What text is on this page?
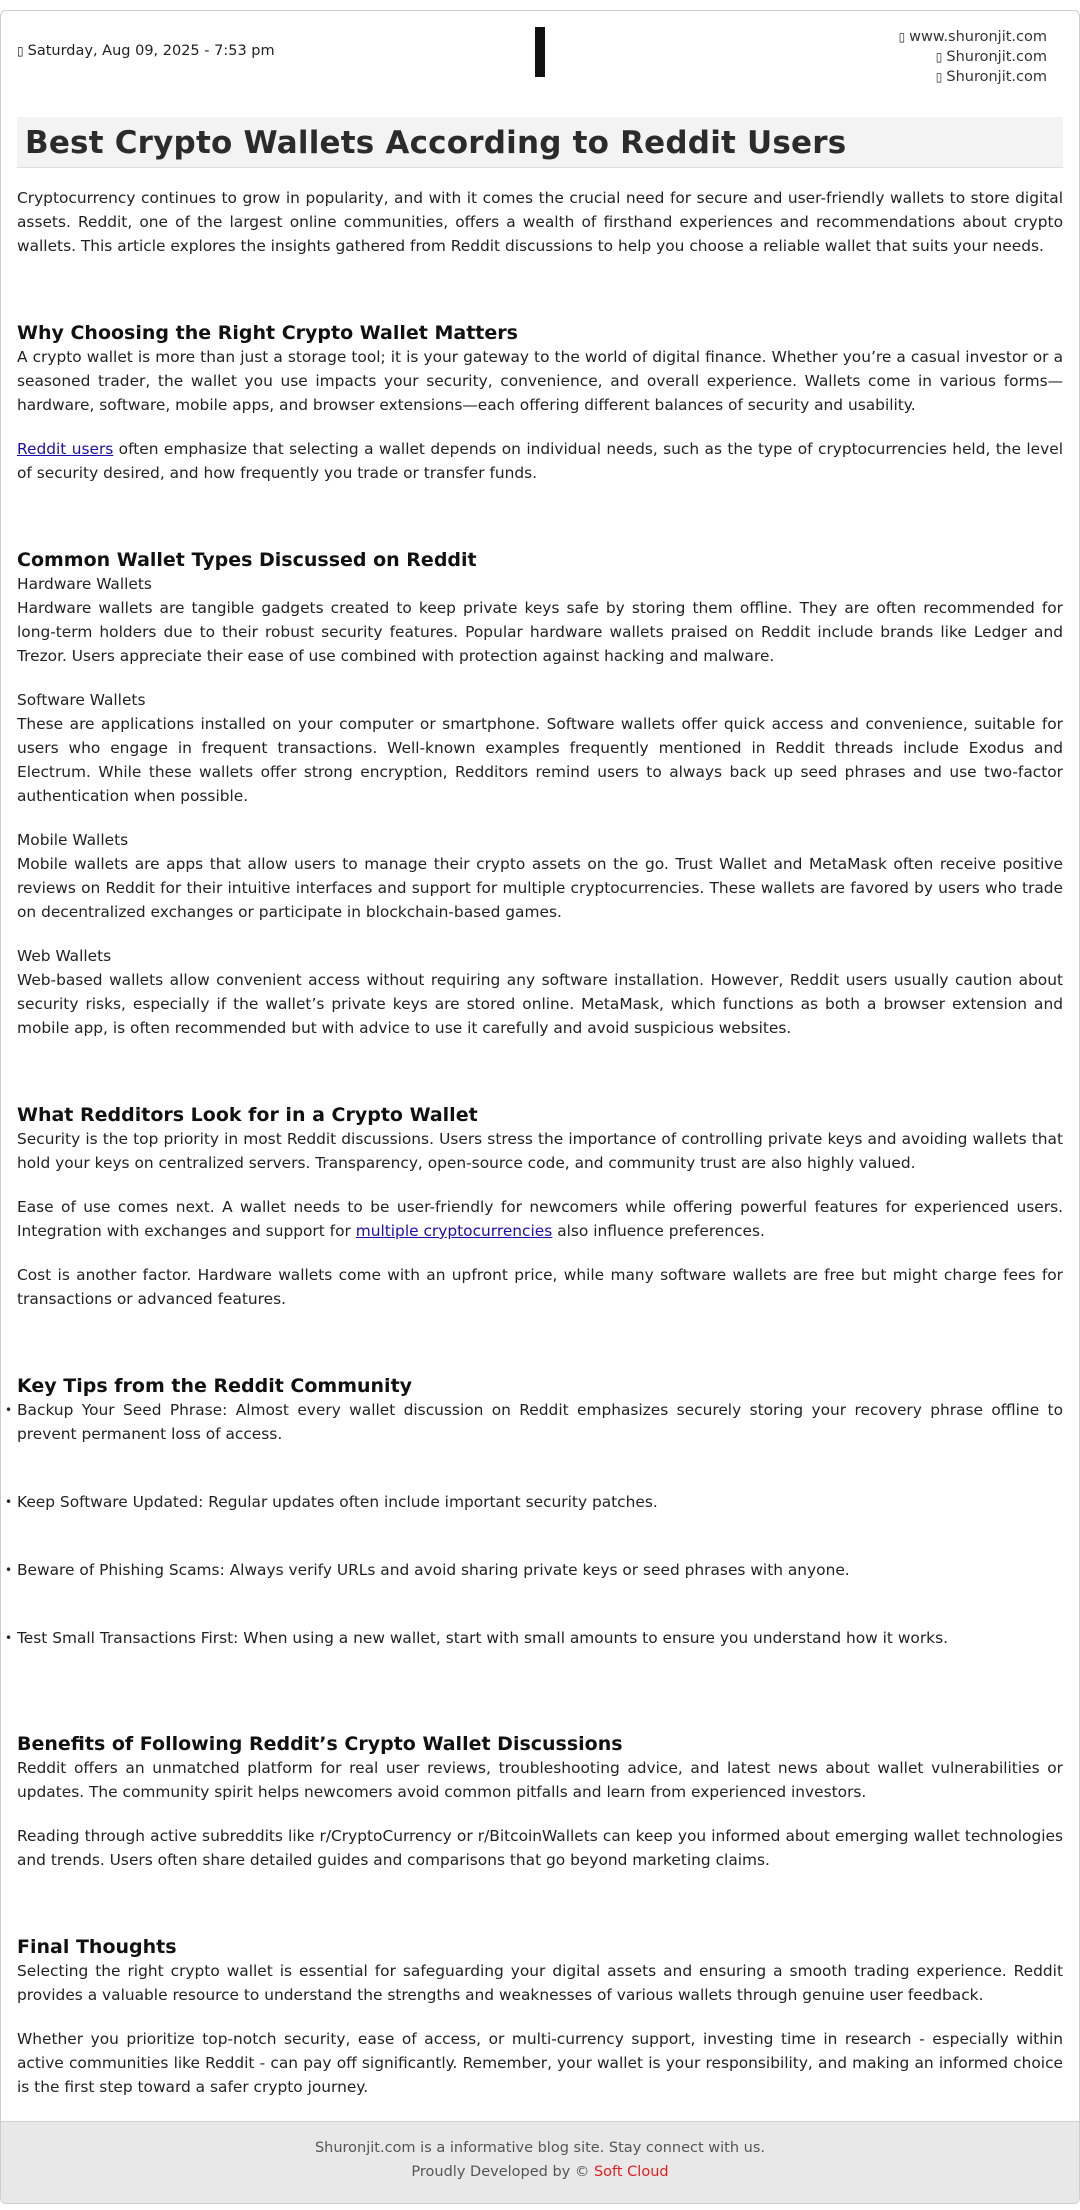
▯ Saturday, Aug 09, 2025 - 7:53 pm
▯ www.shuronjit.com
▯ Shuronjit.com
▯ Shuronjit.com
Best Crypto Wallets According to Reddit Users

Cryptocurrency continues to grow in popularity, and with it comes the crucial need for secure and user-friendly wallets to store digital assets. Reddit, one of the largest online communities, offers a wealth of firsthand experiences and recommendations about crypto wallets. This article explores the insights gathered from Reddit discussions to help you choose a reliable wallet that suits your needs.

Why Choosing the Right Crypto Wallet Matters

A crypto wallet is more than just a storage tool; it is your gateway to the world of digital finance. Whether you’re a casual investor or a seasoned trader, the wallet you use impacts your security, convenience, and overall experience. Wallets come in various forms—hardware, software, mobile apps, and browser extensions—each offering different balances of security and usability.

Reddit users often emphasize that selecting a wallet depends on individual needs, such as the type of cryptocurrencies held, the level of security desired, and how frequently you trade or transfer funds.

Common Wallet Types Discussed on Reddit
Hardware Wallets

Hardware wallets are tangible gadgets created to keep private keys safe by storing them offline. They are often recommended for long-term holders due to their robust security features. Popular hardware wallets praised on Reddit include brands like Ledger and Trezor. Users appreciate their ease of use combined with protection against hacking and malware.

Software Wallets

These are applications installed on your computer or smartphone. Software wallets offer quick access and convenience, suitable for users who engage in frequent transactions. Well-known examples frequently mentioned in Reddit threads include Exodus and Electrum. While these wallets offer strong encryption, Redditors remind users to always back up seed phrases and use two-factor authentication when possible.

Mobile Wallets

Mobile wallets are apps that allow users to manage their crypto assets on the go. Trust Wallet and MetaMask often receive positive reviews on Reddit for their intuitive interfaces and support for multiple cryptocurrencies. These wallets are favored by users who trade on decentralized exchanges or participate in blockchain-based games.

Web Wallets

Web-based wallets allow convenient access without requiring any software installation. However, Reddit users usually caution about security risks, especially if the wallet’s private keys are stored online. MetaMask, which functions as both a browser extension and mobile app, is often recommended but with advice to use it carefully and avoid suspicious websites.

What Redditors Look for in a Crypto Wallet

Security is the top priority in most Reddit discussions. Users stress the importance of controlling private keys and avoiding wallets that hold your keys on centralized servers. Transparency, open-source code, and community trust are also highly valued.

Ease of use comes next. A wallet needs to be user-friendly for newcomers while offering powerful features for experienced users. Integration with exchanges and support for multiple cryptocurrencies also influence preferences.

Cost is another factor. Hardware wallets come with an upfront price, while many software wallets are free but might charge fees for transactions or advanced features.

Key Tips from the Reddit Community

• Backup Your Seed Phrase: Almost every wallet discussion on Reddit emphasizes securely storing your recovery phrase offline to prevent permanent loss of access.

• Keep Software Updated: Regular updates often include important security patches.

• Beware of Phishing Scams: Always verify URLs and avoid sharing private keys or seed phrases with anyone.

• Test Small Transactions First: When using a new wallet, start with small amounts to ensure you understand how it works.

Benefits of Following Reddit’s Crypto Wallet Discussions

Reddit offers an unmatched platform for real user reviews, troubleshooting advice, and latest news about wallet vulnerabilities or updates. The community spirit helps newcomers avoid common pitfalls and learn from experienced investors.

Reading through active subreddits like r/CryptoCurrency or r/BitcoinWallets can keep you informed about emerging wallet technologies and trends. Users often share detailed guides and comparisons that go beyond marketing claims.

Final Thoughts

Selecting the right crypto wallet is essential for safeguarding your digital assets and ensuring a smooth trading experience. Reddit provides a valuable resource to understand the strengths and weaknesses of various wallets through genuine user feedback.

Whether you prioritize top-notch security, ease of access, or multi-currency support, investing time in research - especially within active communities like Reddit - can pay off significantly. Remember, your wallet is your responsibility, and making an informed choice is the first step toward a safer crypto journey.

Shuronjit.com is a informative blog site. Stay connect with us.
Proudly Developed by © Soft Cloud
